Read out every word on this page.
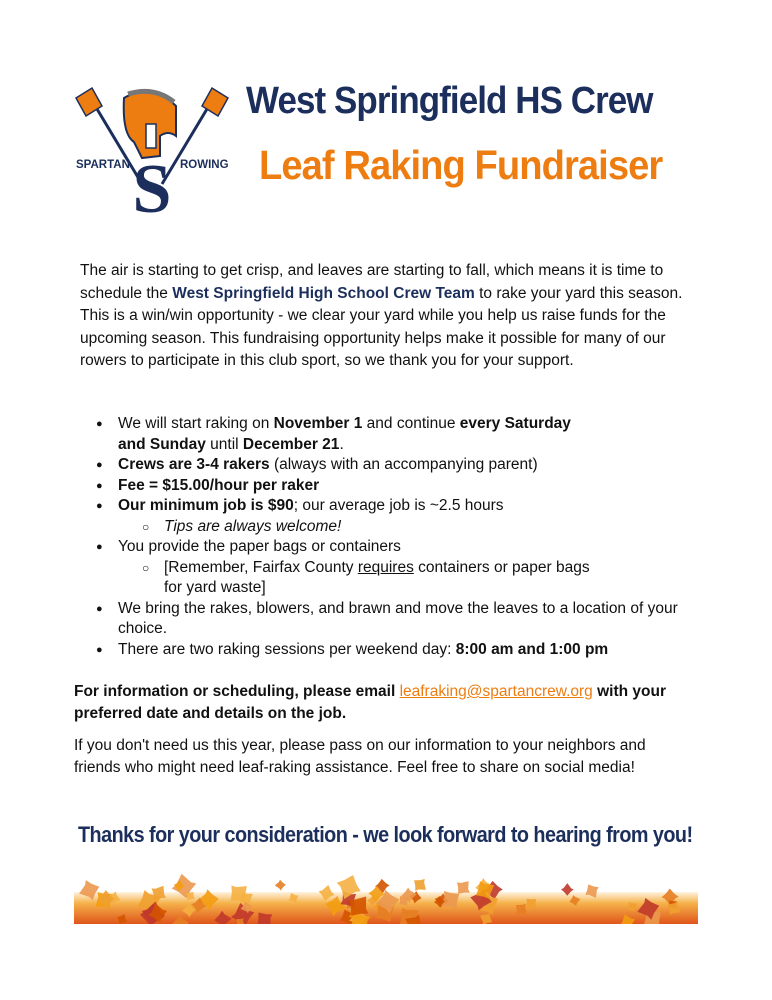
S
SPARTAN	ROWING
West Springfield HS Crew
Leaf Raking Fundraiser

The air is starting to get crisp, and leaves are starting to fall, which means it is time to schedule the West Springfield High School Crew Team to rake your yard this season. This is a win/win opportunity - we clear your yard while you help us raise funds for the upcoming season. This fundraising opportunity helps make it possible for many of our rowers to participate in this club sport, so we thank you for your support.

● We will start raking on November 1 and continue every Saturday
and Sunday until December 21.
● Crews are 3-4 rakers (always with an accompanying parent)
● Fee = $15.00/hour per raker
● Our minimum job is $90; our average job is ~2.5 hours
○ Tips are always welcome!
● You provide the paper bags or containers
○ [Remember, Fairfax County requires containers or paper bags
for yard waste]
● We bring the rakes, blowers, and brawn and move the leaves to a location of your choice.
● There are two raking sessions per weekend day: 8:00 am and 1:00 pm

For information or scheduling, please email leafraking@spartancrew.org with your preferred date and details on the job.

If you don't need us this year, please pass on our information to your neighbors and friends who might need leaf-raking assistance. Feel free to share on social media!

Thanks for your consideration - we look forward to hearing from you!
